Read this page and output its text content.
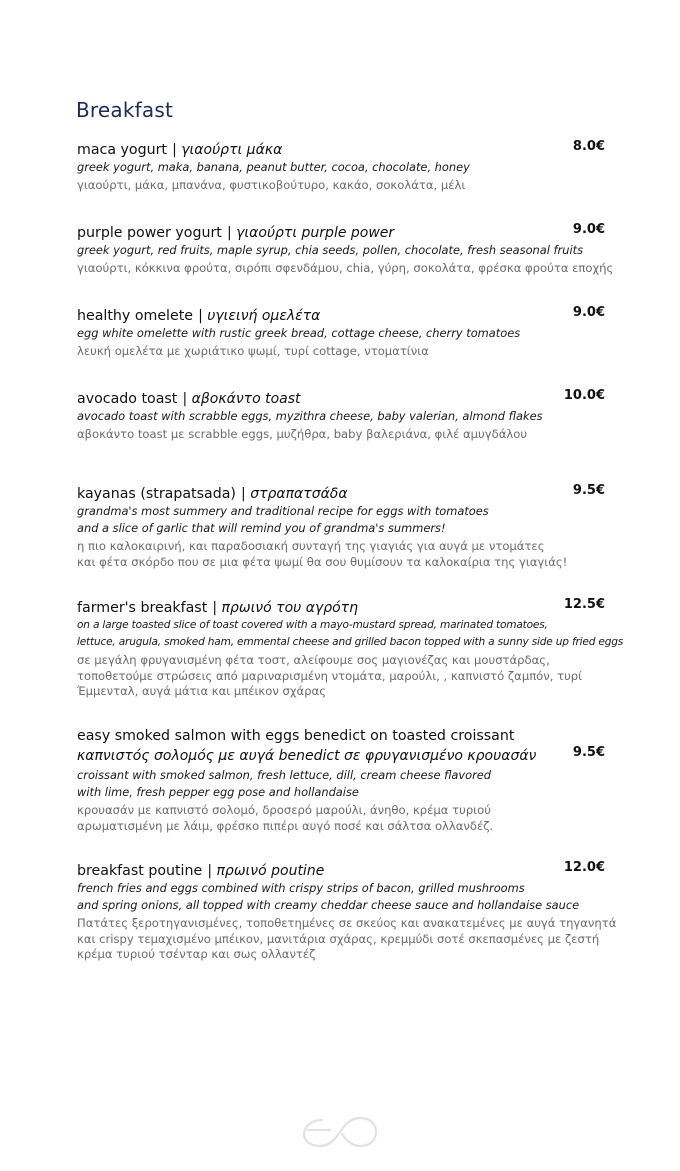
Breakfast
maca yogurt | γιαούρτι μάκα	8.0€
greek yogurt, maka, banana, peanut butter, cocoa, chocolate, honey
γιαούρτι, μάκα, μπανάνα, φυστικοβούτυρο, κακάο, σοκολάτα, μέλι
purple power yogurt | γιαούρτι purple power	9.0€
greek yogurt, red fruits, maple syrup, chia seeds, pollen, chocolate, fresh seasonal fruits
γιαούρτι, κόκκινα φρούτα, σιρόπι σφενδάμου, chia, γύρη, σοκολάτα, φρέσκα φρούτα εποχής
healthy omelete | υγιεινή ομελέτα	9.0€
egg white omelette with rustic greek bread, cottage cheese, cherry tomatoes
λευκή ομελέτα με χωριάτικο ψωμί, τυρί cottage, ντοματίνια
avocado toast | αβοκάντο toast	10.0€
avocado toast with scrabble eggs, myzithra cheese, baby valerian, almond flakes
αβοκάντο toast με scrabble eggs, μυζήθρα, baby βαλεριάνα, φιλέ αμυγδάλου
kayanas (strapatsada) | στραπατσάδα	9.5€
grandma's most summery and traditional recipe for eggs with tomatoes
and a slice of garlic that will remind you of grandma's summers!
η πιο καλοκαιρινή, και παραδοσιακή συνταγή της γιαγιάς για αυγά με ντομάτες
και φέτα σκόρδο που σε μια φέτα ψωμί θα σου θυμίσουν τα καλοκαίρια της γιαγιάς!
farmer's breakfast | πρωινό του αγρότη	12.5€
on a large toasted slice of toast covered with a mayo-mustard spread, marinated tomatoes,
lettuce, arugula, smoked ham, emmental cheese and grilled bacon topped with a sunny side up fried eggs
σε μεγάλη φρυγανισμένη φέτα τοστ, αλείφουμε σος μαγιονέζας και μουστάρδας,
τοποθετούμε στρώσεις από μαριναρισμένη ντομάτα, μαρούλι, , καπνιστό ζαμπόν, τυρί
Έμμενταλ, αυγά μάτια και μπέικον σχάρας
easy smoked salmon with eggs benedict on toasted croissant
καπνιστός σολομός με αυγά benedict σε φρυγανισμένο κρουασάν	9.5€
croissant with smoked salmon, fresh lettuce, dill, cream cheese flavored
with lime, fresh pepper egg pose and hollandaise
κρουασάν με καπνιστό σολομό, δροσερό μαρούλι, άνηθο, κρέμα τυριού
αρωματισμένη με λάιμ, φρέσκο πιπέρι αυγό ποσέ και σάλτσα ολλανδέζ.
breakfast poutine | πρωινό poutine	12.0€
french fries and eggs combined with crispy strips of bacon, grilled mushrooms
and spring onions, all topped with creamy cheddar cheese sauce and hollandaise sauce
Πατάτες ξεροτηγανισμένες, τοποθετημένες σε σκεύος και ανακατεμένες με αυγά τηγανητά
και crispy τεμαχισμένο μπέικον, μανιτάρια σχάρας, κρεμμύδι σοτέ σκεπασμένες με ζεστή
κρέμα τυριού τσένταρ και σως ολλαντέζ
